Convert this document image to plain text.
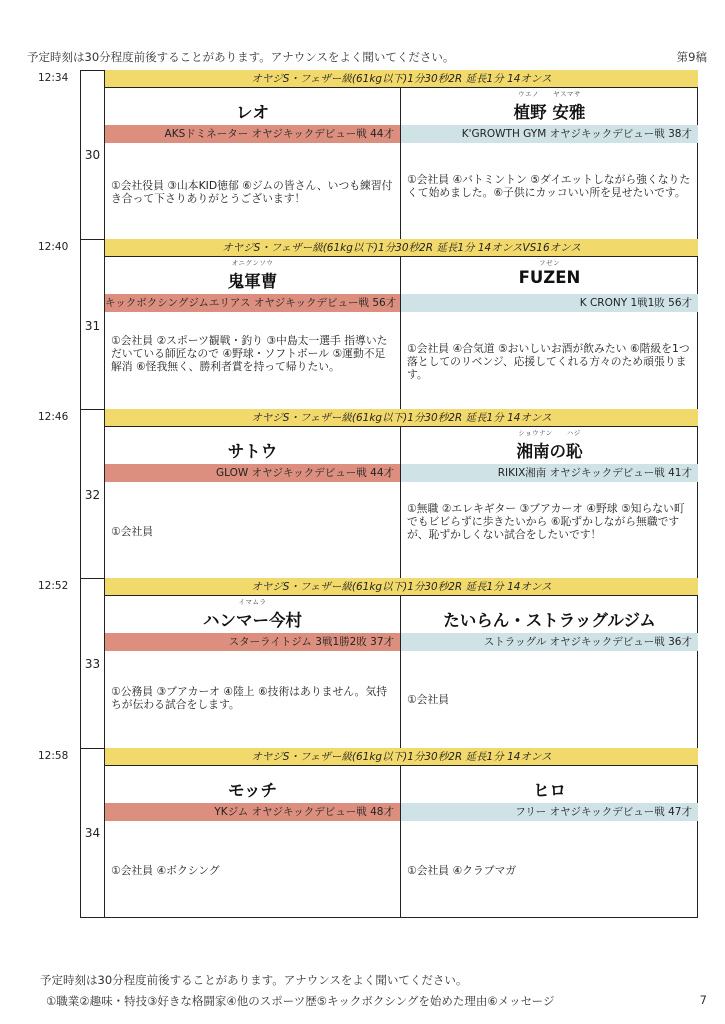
予定時刻は30分程度前後することがあります。アナウンスをよく聞いてください。	第9稿
12:34
30
オヤジS・フェザー級(61kg以下)1分30秒2R 延長1分 14オンス
レオ
AKSドミネーター オヤジキックデビュー戦 44才
①会社役員 ③山本KID徳郁 ⑥ジムの皆さん、いつも練習付き合って下さりありがとうございます！
ウエノ　　ヤスマサ
植野 安雅
K'GROWTH GYM オヤジキックデビュー戦 38才
①会社員 ④バトミントン ⑤ダイエットしながら強くなりたくて始めました。⑥子供にカッコいい所を見せたいです。
12:40
31
オヤジS・フェザー級(61kg以下)1分30秒2R 延長1分 14オンスVS16オンス
オニグンソウ
鬼軍曹
キックボクシングジムエリアス オヤジキックデビュー戦 56才
①会社員 ②スポーツ観戦・釣り ③中島太一選手 指導いただいている師匠なので ④野球・ソフトボール ⑤運動不足解消 ⑥怪我無く、勝利者賞を持って帰りたい。
フゼン
FUZEN
K CRONY 1戦1敗 56才
①会社員 ④合気道 ⑤おいしいお酒が飲みたい ⑥階級を1つ落としてのリベンジ、応援してくれる方々のため頑張ります。
12:46
32
オヤジS・フェザー級(61kg以下)1分30秒2R 延長1分 14オンス
サトウ
GLOW オヤジキックデビュー戦 44才
①会社員
ショウナン　　ハジ
湘南の恥
RIKIX湘南 オヤジキックデビュー戦 41才
①無職 ②エレキギター ③ブアカーオ ④野球 ⑤知らない町でもビビらずに歩きたいから ⑥恥ずかしながら無職ですが、恥ずかしくない試合をしたいです！
12:52
33
オヤジS・フェザー級(61kg以下)1分30秒2R 延長1分 14オンス
イマムラ
ハンマー今村
スターライトジム 3戦1勝2敗 37才
①公務員 ③ブアカーオ ④陸上 ⑥技術はありません。気持ちが伝わる試合をします。
たいらん・ストラッグルジム
ストラッグル オヤジキックデビュー戦 36才
①会社員
12:58
34
オヤジS・フェザー級(61kg以下)1分30秒2R 延長1分 14オンス
モッチ
YKジム オヤジキックデビュー戦 48才
①会社員 ④ボクシング
ヒロ
フリー オヤジキックデビュー戦 47才
①会社員 ④クラブマガ
予定時刻は30分程度前後することがあります。アナウンスをよく聞いてください。
①職業②趣味・特技③好きな格闘家④他のスポーツ歴⑤キックボクシングを始めた理由⑥メッセージ	7
